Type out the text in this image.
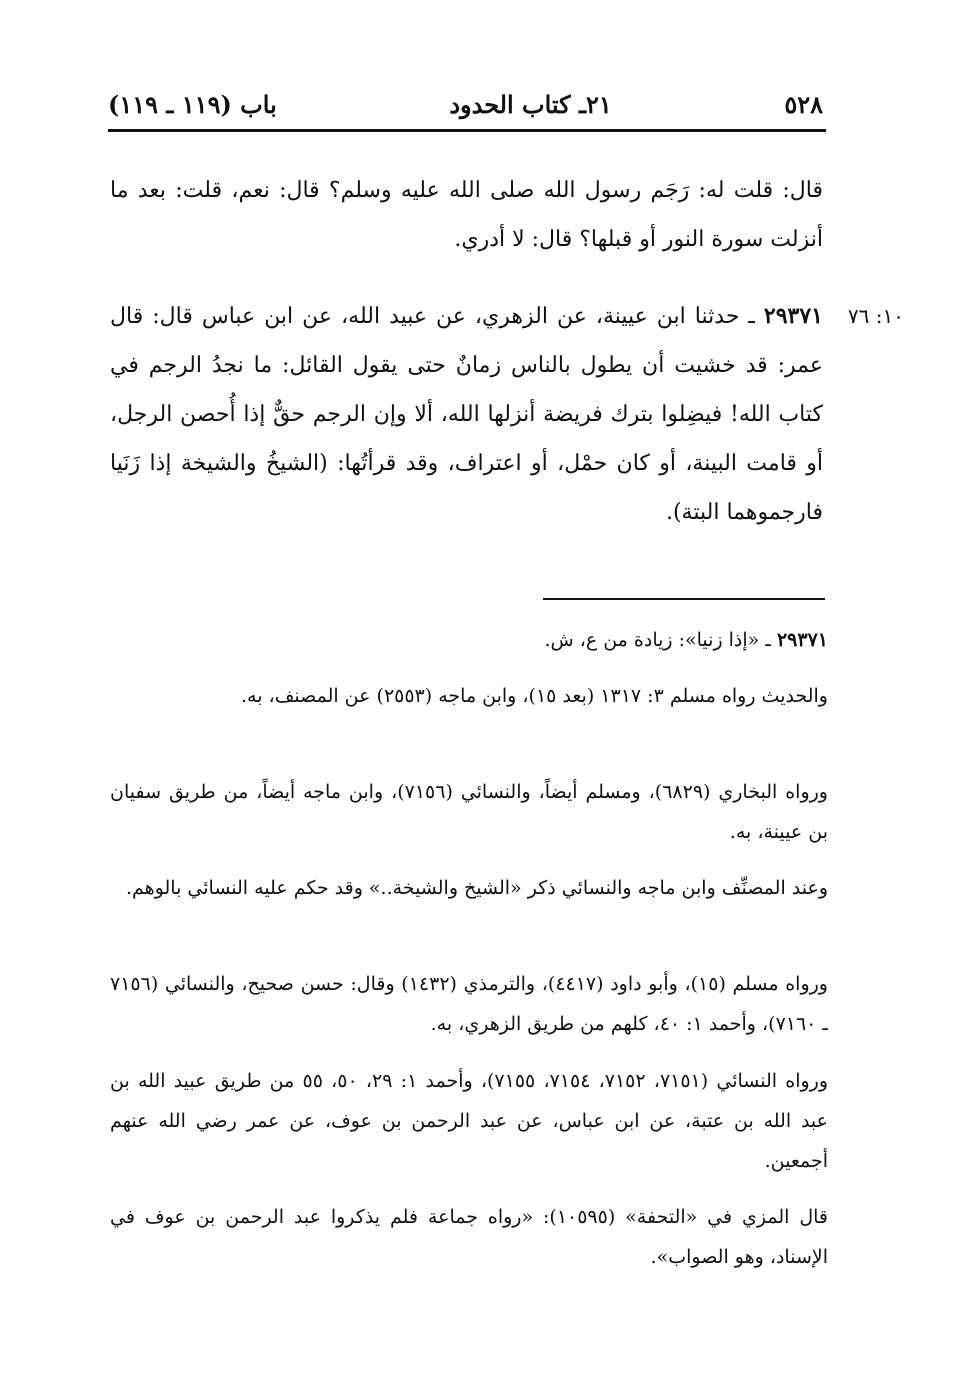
٥٢٨
٢١ـ كتاب الحدود
باب (١١٩ ـ ١١٩)
قال: قلت له: رَجَم رسول الله صلى الله عليه وسلم؟ قال: نعم، قلت: بعد ما أنزلت سورة النور أو قبلها؟ قال: لا أدري.
١٠: ٧٦
٢٩٣٧١ ـ حدثنا ابن عيينة، عن الزهري، عن عبيد الله، عن ابن عباس قال: قال عمر: قد خشيت أن يطول بالناس زمانٌ حتى يقول القائل: ما نجدُ الرجم في كتاب الله! فيضِلوا بترك فريضة أنزلها الله، ألا وإن الرجم حقٌّ إذا أُحصن الرجل، أو قامت البينة، أو كان حمْل، أو اعتراف، وقد قرأتُها: (الشيخُ والشيخة إذا زَنَيا فارجموهما البتة).
٢٩٣٧١ ـ «إذا زنيا»: زيادة من ع، ش.
والحديث رواه مسلم ٣: ١٣١٧ (بعد ١٥)، وابن ماجه (٢٥٥٣) عن المصنف، به.
ورواه البخاري (٦٨٢٩)، ومسلم أيضاً، والنسائي (٧١٥٦)، وابن ماجه أيضاً، من طريق سفيان بن عيينة، به.
وعند المصنِّف وابن ماجه والنسائي ذكر «الشيخ والشيخة..» وقد حكم عليه النسائي بالوهم.
ورواه مسلم (١٥)، وأبو داود (٤٤١٧)، والترمذي (١٤٣٢) وقال: حسن صحيح، والنسائي (٧١٥٦ ـ ٧١٦٠)، وأحمد ١: ٤٠، كلهم من طريق الزهري، به.
ورواه النسائي (٧١٥١، ٧١٥٢، ٧١٥٤، ٧١٥٥)، وأحمد ١: ٢٩، ٥٠، ٥٥ من طريق عبيد الله بن عبد الله بن عتبة، عن ابن عباس، عن عبد الرحمن بن عوف، عن عمر رضي الله عنهم أجمعين.
قال المزي في «التحفة» (١٠٥٩٥): «رواه جماعة فلم يذكروا عبد الرحمن بن عوف في الإسناد، وهو الصواب».
